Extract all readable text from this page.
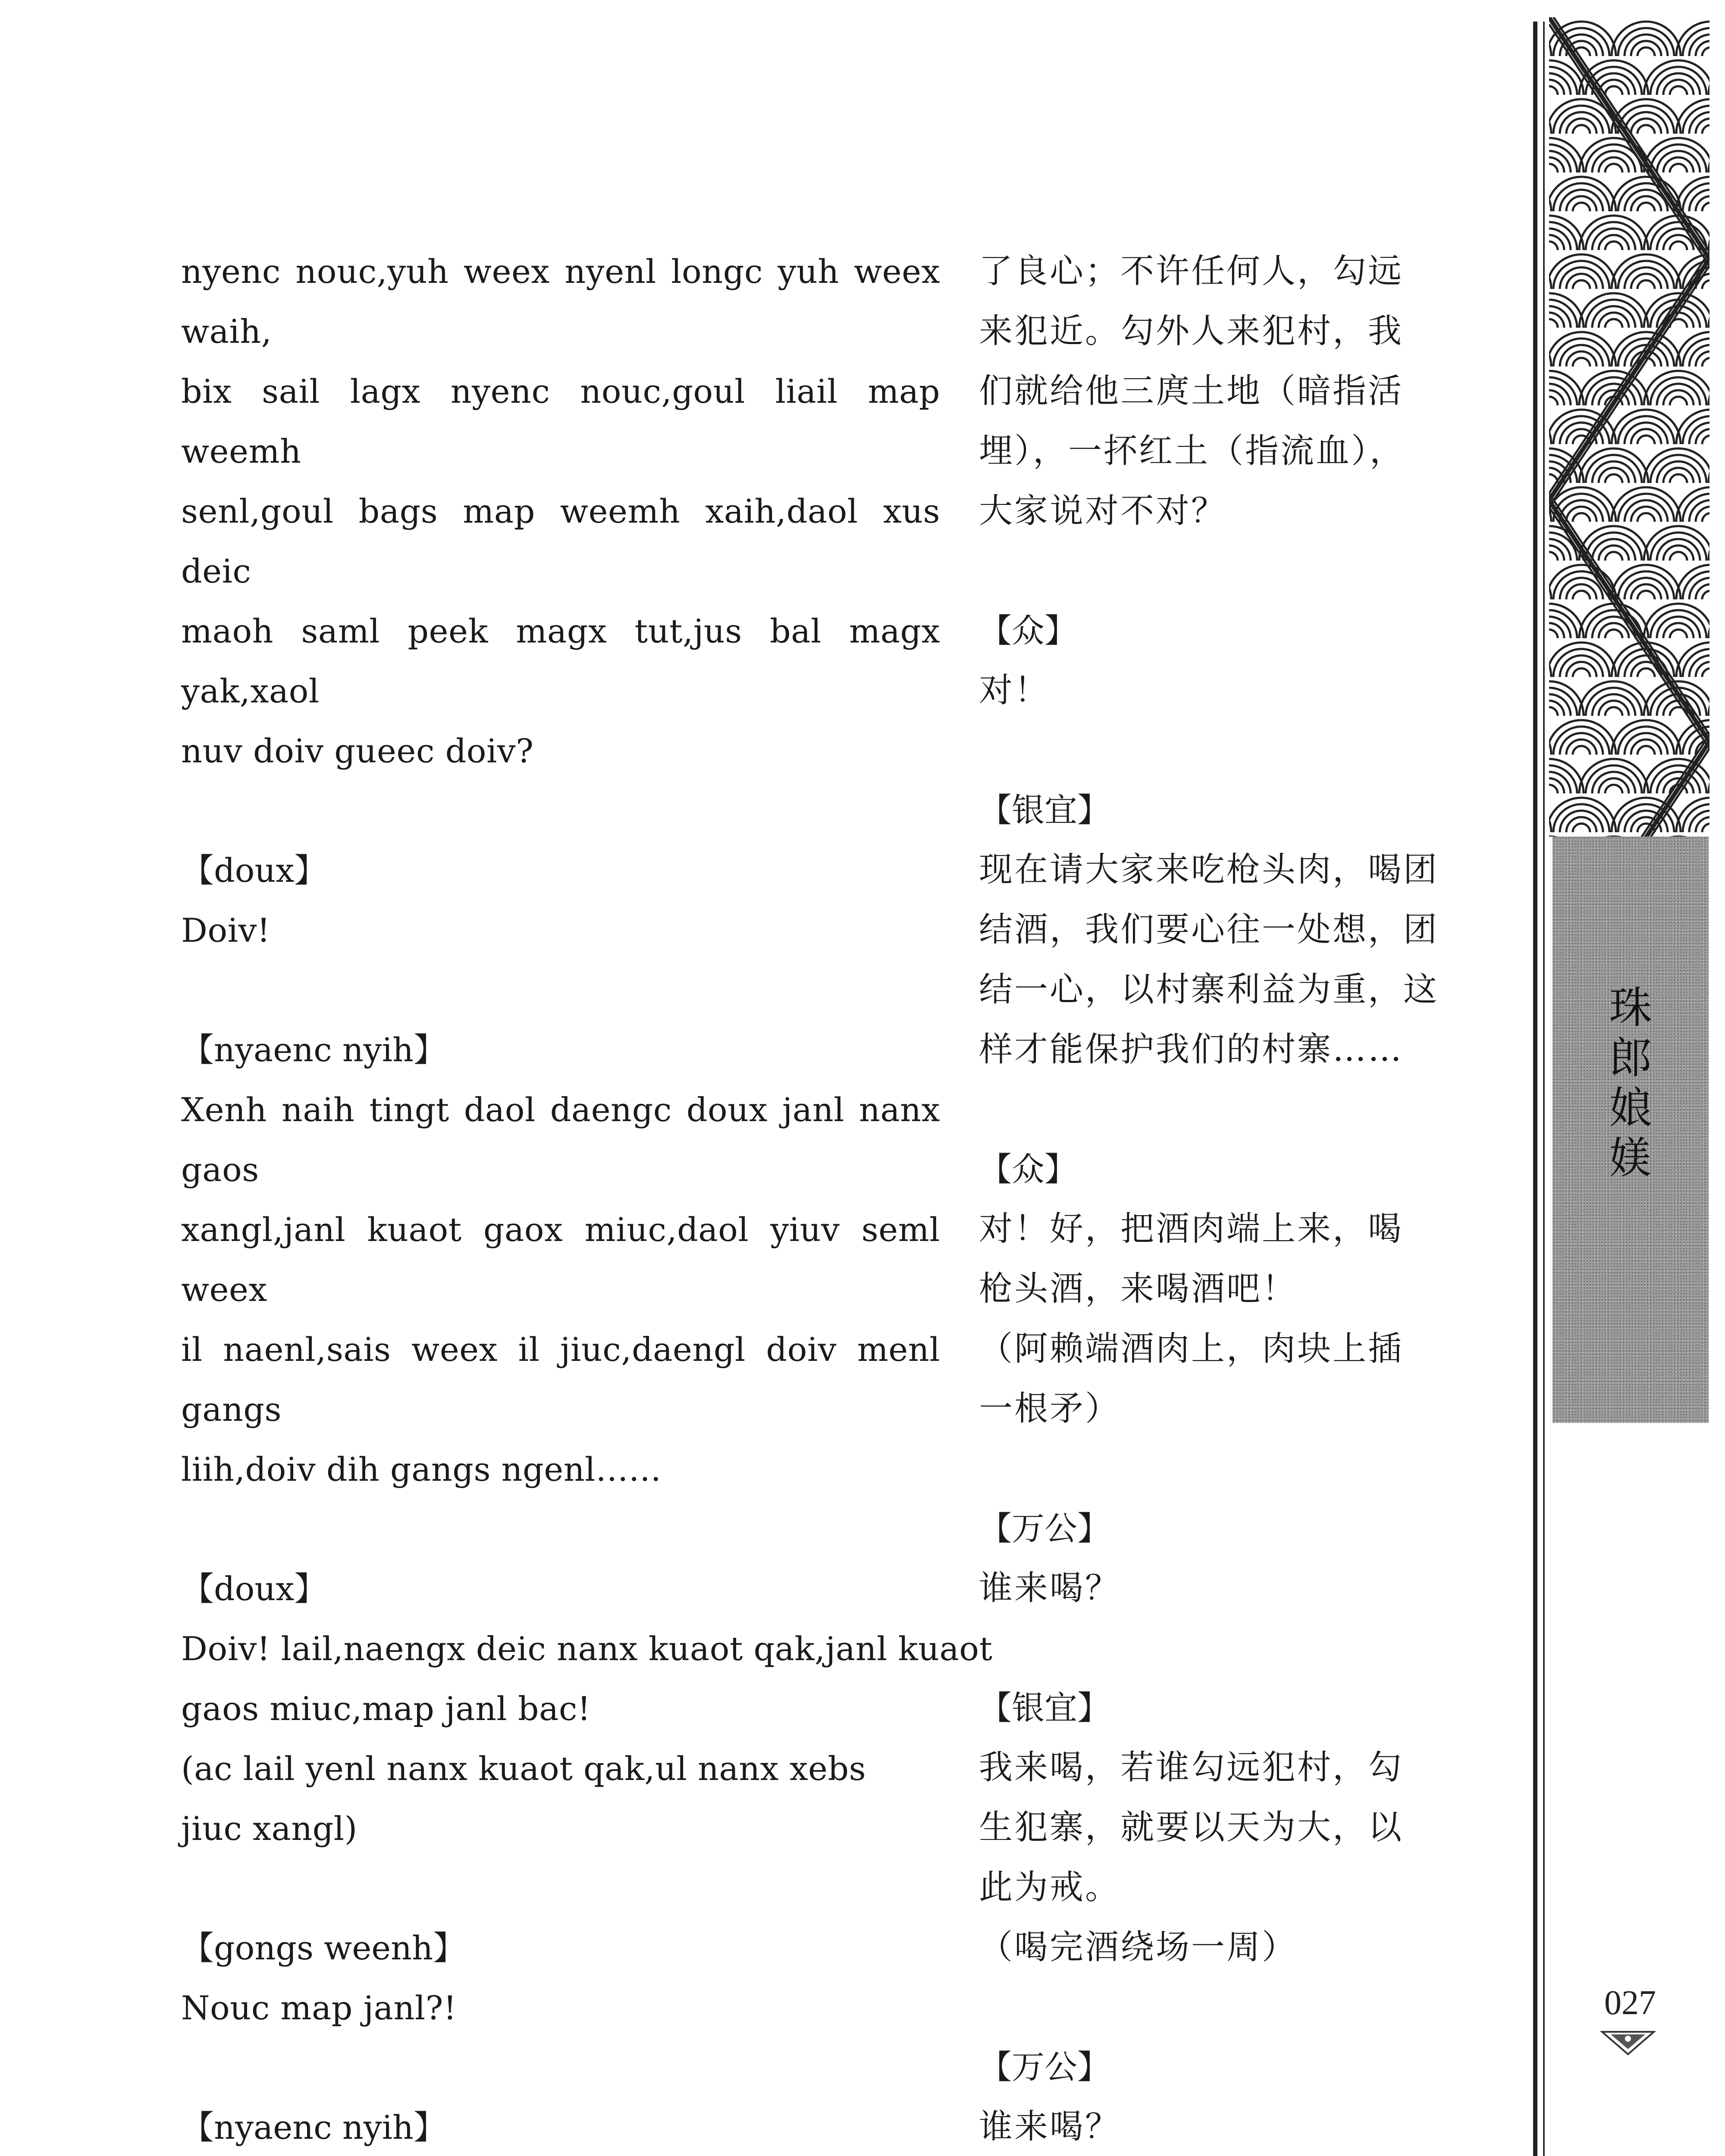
nyenc nouc,yuh weex nyenl longc yuh weex waih,
bix sail lagx nyenc nouc,goul liail map weemh
senl,goul bags map weemh xaih,daol xus deic
maoh saml peek magx tut,jus bal magx yak,xaol
nuv doiv gueec doiv?
【doux】
Doiv!
【nyaenc nyih】
Xenh naih tingt daol daengc doux janl nanx gaos
xangl,janl kuaot gaox miuc,daol yiuv seml weex
il naenl,sais weex il jiuc,daengl doiv menl gangs
liih,doiv dih gangs ngenl……
【doux】
Doiv! lail,naengx deic nanx kuaot qak,janl kuaot
gaos miuc,map janl bac!
(ac lail yenl nanx kuaot qak,ul nanx xebs
jiuc xangl)
【gongs weenh】
Nouc map janl?!
【nyaenc nyih】
了良心；不许任何人，勾远
来犯近。勾外人来犯村，我
们就给他三庹土地（暗指活
埋），一抔红土（指流血），
大家说对不对？
【众】
对！
【银宜】
现在请大家来吃枪头肉，喝团
结酒，我们要心往一处想，团
结一心，以村寨利益为重，这
样才能保护我们的村寨……
【众】
对！好，把酒肉端上来，喝
枪头酒，来喝酒吧！
（阿赖端酒肉上，肉块上插
一根矛）
【万公】
谁来喝？
【银宜】
我来喝，若谁勾远犯村，勾
生犯寨，就要以天为大，以
此为戒。
（喝完酒绕场一周）
【万公】
谁来喝？
珠
郎
娘
媄
027
